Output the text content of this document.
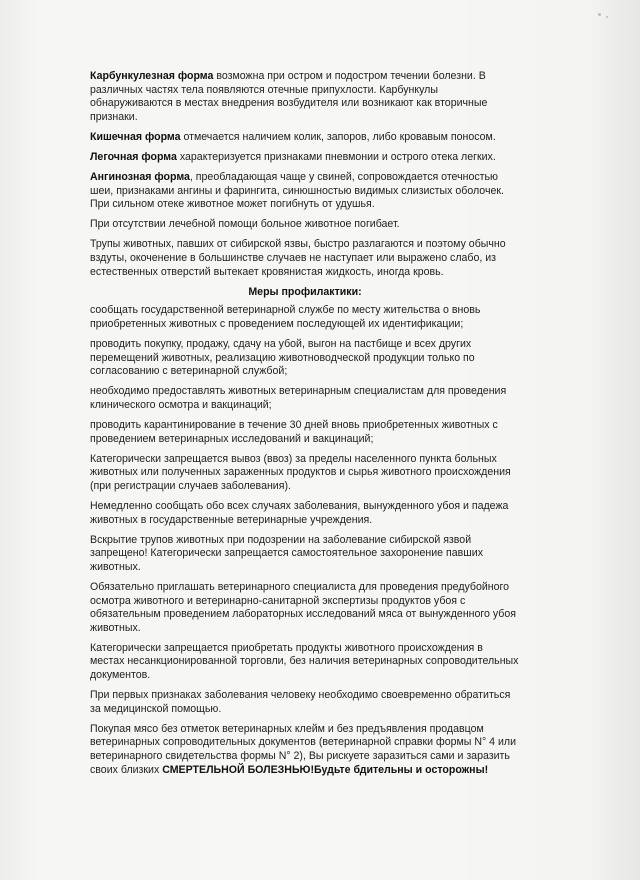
Карбункулезная форма возможна при остром и подостром течении болезни. В различных частях тела появляются отечные припухлости. Карбункулы обнаруживаются в местах внедрения возбудителя или возникают как вторичные признаки.

Кишечная форма отмечается наличием колик, запоров, либо кровавым поносом.

Легочная форма характеризуется признаками пневмонии и острого отека легких.

Ангинозная форма, преобладающая чаще у свиней, сопровождается отечностью шеи, признаками ангины и фарингита, синюшностью видимых слизистых оболочек. При сильном отеке животное может погибнуть от удушья.

При отсутствии лечебной помощи больное животное погибает.

Трупы животных, павших от сибирской язвы, быстро разлагаются и поэтому обычно вздуты, окоченение в большинстве случаев не наступает или выражено слабо, из естественных отверстий вытекает кровянистая жидкость, иногда кровь.

Меры профилактики:

сообщать государственной ветеринарной службе по месту жительства о вновь приобретенных животных с проведением последующей их идентификации;

проводить покупку, продажу, сдачу на убой, выгон на пастбище и всех других перемещений животных, реализацию животноводческой продукции только по согласованию с ветеринарной службой;

необходимо предоставлять животных ветеринарным специалистам для проведения клинического осмотра и вакцинаций;

проводить карантинирование в течение 30 дней вновь приобретенных животных с проведением ветеринарных исследований и вакцинаций;

Категорически запрещается вывоз (ввоз) за пределы населенного пункта больных животных или полученных зараженных продуктов и сырья животного происхождения (при регистрации случаев заболевания).

Немедленно сообщать обо всех случаях заболевания, вынужденного убоя и падежа животных в государственные ветеринарные учреждения.

Вскрытие трупов животных при подозрении на заболевание сибирской язвой запрещено! Категорически запрещается самостоятельное захоронение павших животных.

Обязательно приглашать ветеринарного специалиста для проведения предубойного осмотра животного и ветеринарно-санитарной экспертизы продуктов убоя с обязательным проведением лабораторных исследований мяса от вынужденного убоя животных.

Категорически запрещается приобретать продукты животного происхождения в местах несанкционированной торговли, без наличия ветеринарных сопроводительных документов.

При первых признаках заболевания человеку необходимо своевременно обратиться за медицинской помощью.

Покупая мясо без отметок ветеринарных клейм и без предъявления продавцом ветеринарных сопроводительных документов (ветеринарной справки формы N° 4 или ветеринарного свидетельства формы N° 2), Вы рискуете заразиться сами и заразить своих близких СМЕРТЕЛЬНОЙ БОЛЕЗНЬЮ!Будьте бдительны и осторожны!
